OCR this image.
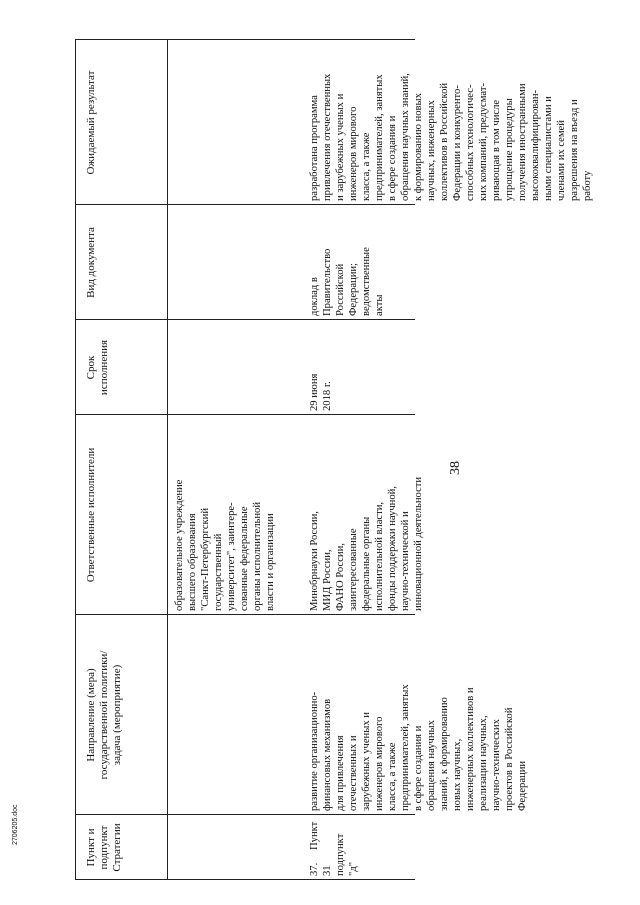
38
Пункт и подпункт
Стратегии
Направление (мера)
государственной политики/
задача (мероприятие)
Ответственные исполнители
Срок
исполнения
Вид документа
Ожидаемый результат
образовательное учреждение
высшего образования
"Санкт-Петербургский
государственный
университет", заинтере-
сованные федеральные
органы исполнительной
власти и организации
37.Пункт 31
подпункт "д"
развитие организационно-
финансовых механизмов
для привлечения
отечественных и
зарубежных ученых и
инженеров мирового
класса, а также
предпринимателей, занятых
в сфере создания и
обращения научных
знаний, к формированию
новых научных,
инженерных коллективов и
реализации научных,
научно-технических
проектов в Российской
Федерации
Минобрнауки России,
МИД России,
ФАНО России,
заинтересованные
федеральные органы
исполнительной власти,
фонды поддержки научной,
научно-технической и
инновационной деятельности
29 июня
2018 г.
доклад в
Правительство
Российской
Федерации;
ведомственные
акты
разработана программа
привлечения отечественных
и зарубежных ученых и
инженеров мирового
класса, а также
предпринимателей, занятых
в сфере создания и
обращения научных знаний,
к формированию новых
научных, инженерных
коллективов в Российской
Федерации и конкуренто-
способных технологичес-
ких компаний, предусмат-
ривающая в том числе
упрощение процедуры
получения иностранными
высококвалифицирован-
ными специалистами и
членами их семей
разрешения на въезд и
работу
2706205.doc
